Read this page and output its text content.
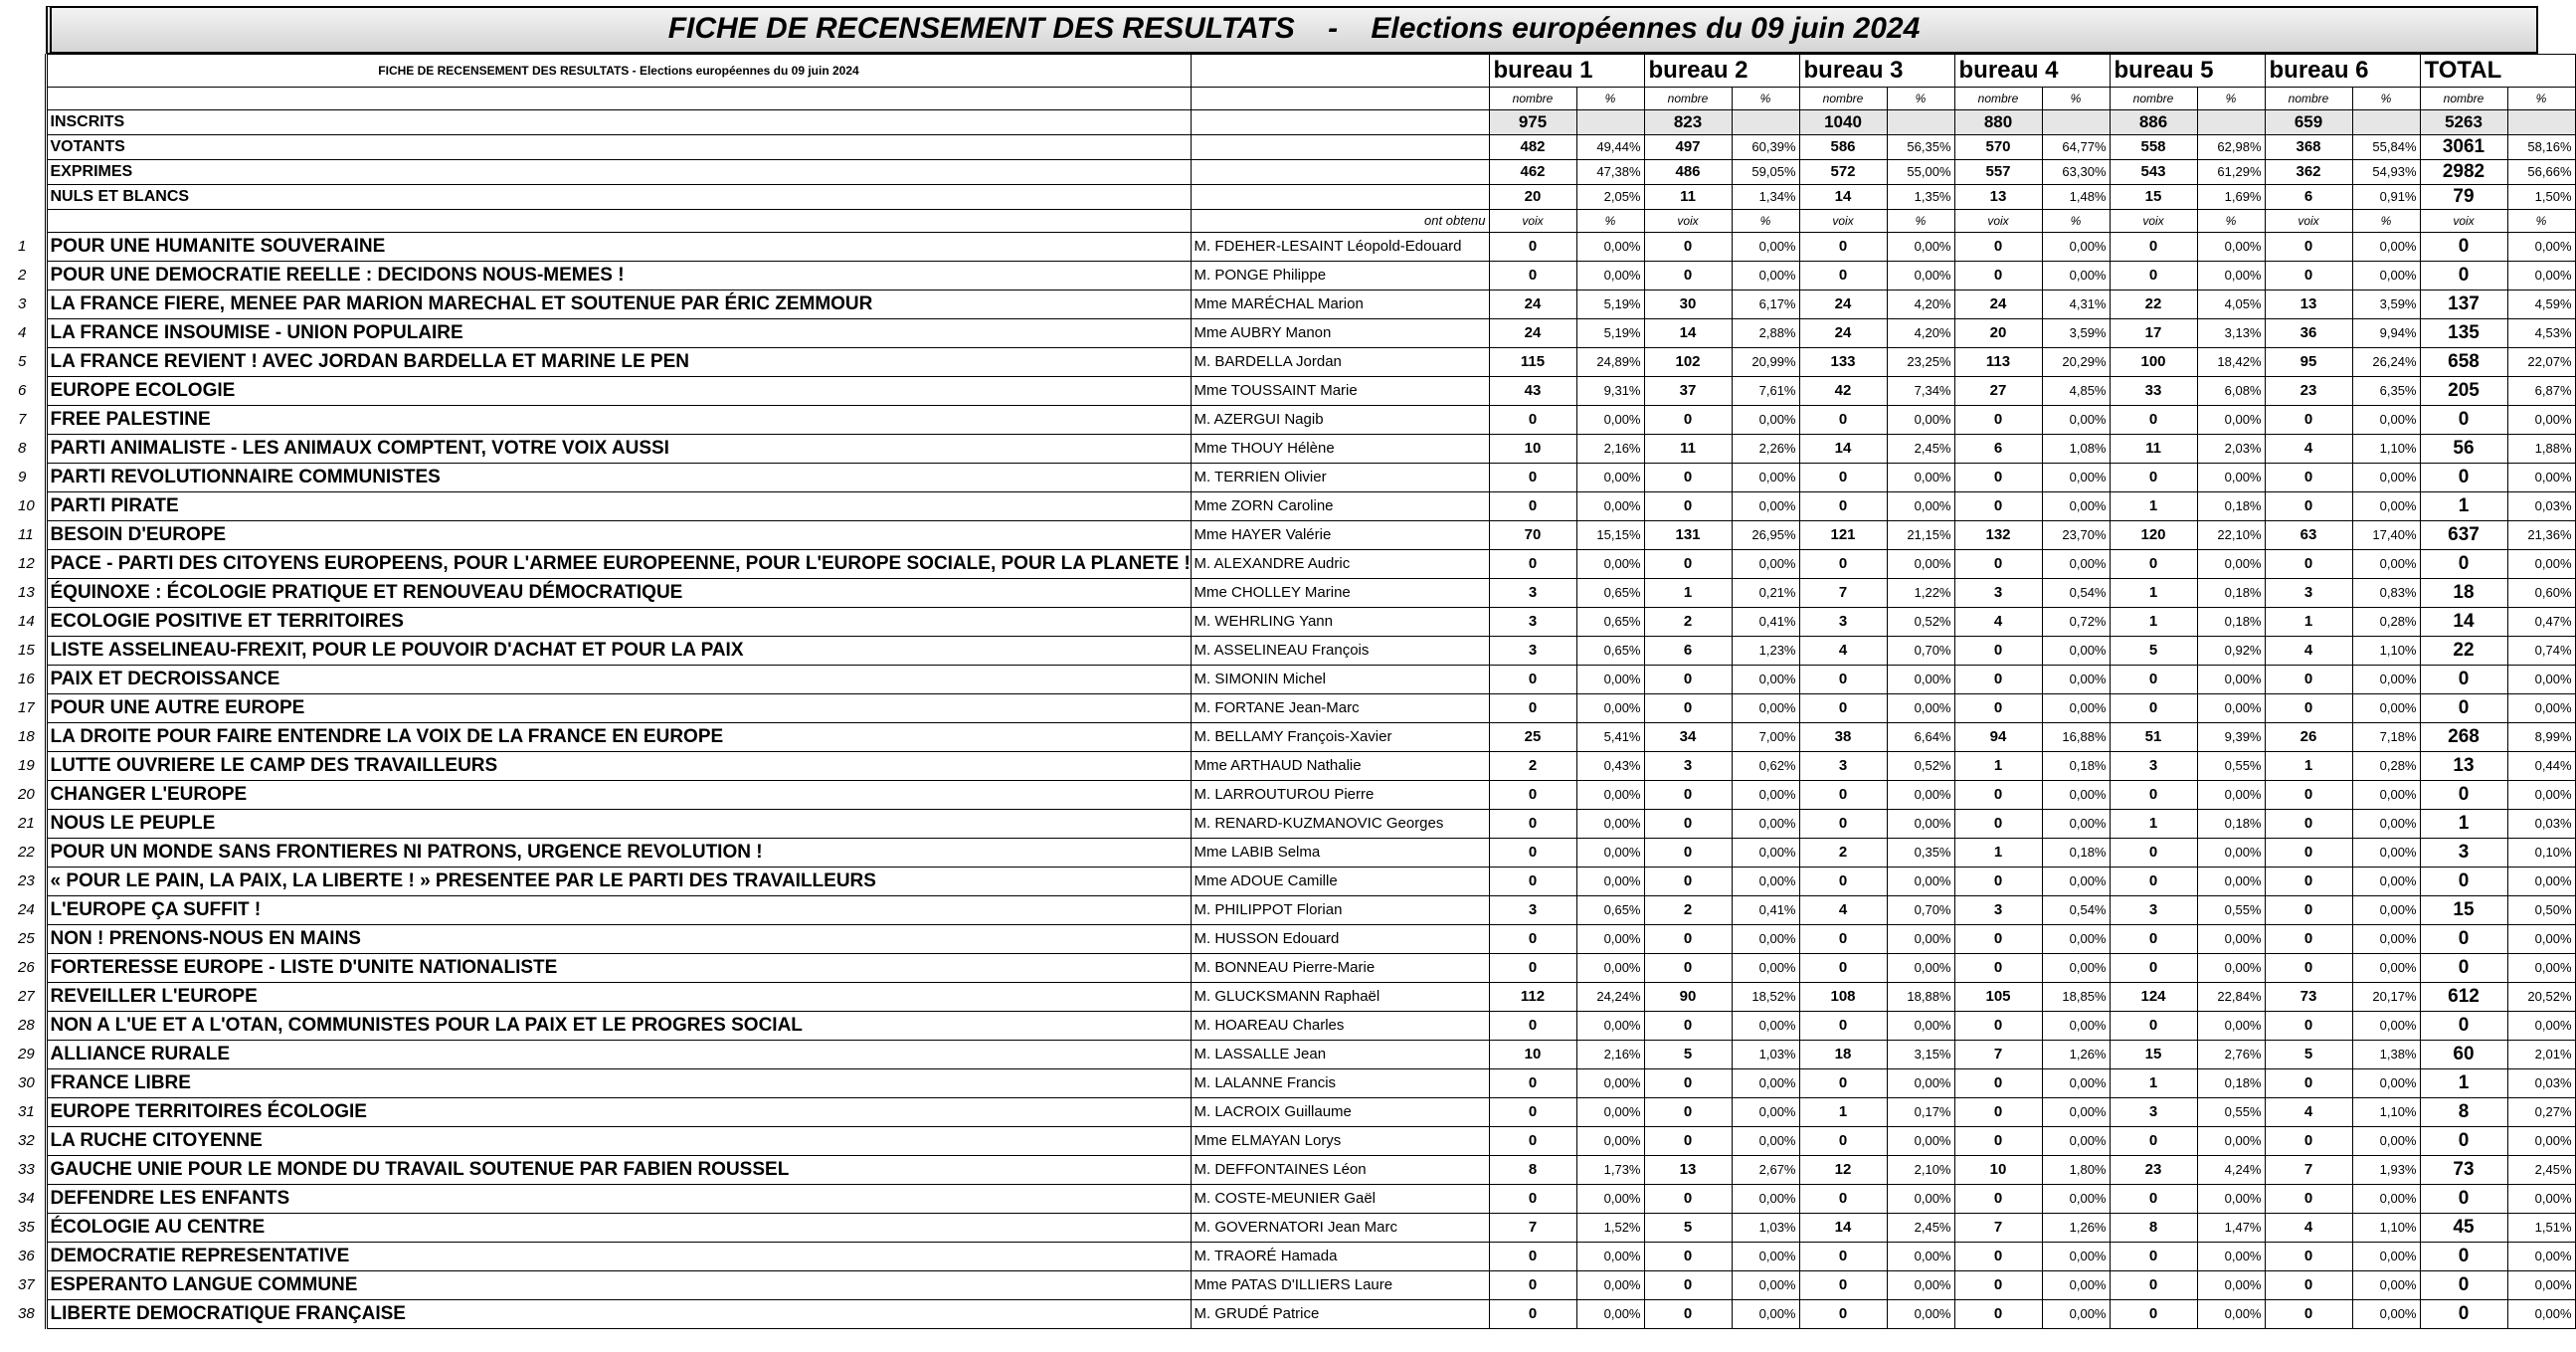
FICHE DE RECENSEMENT DES RESULTATS    -    Elections européennes du 09 juin 2024
	FICHE DE RECENSEMENT DES RESULTATS - Elections européennes du 09 juin 2024		bureau 1		bureau 2		bureau 3		bureau 4		bureau 5		bureau 6		TOTAL	
			nombre	%	nombre	%	nombre	%	nombre	%	nombre	%	nombre	%	nombre	%
	INSCRITS		975		823		1040		880		886		659		5263	
	VOTANTS		482	49,44%	497	60,39%	586	56,35%	570	64,77%	558	62,98%	368	55,84%	3061	58,16%
	EXPRIMES		462	47,38%	486	59,05%	572	55,00%	557	63,30%	543	61,29%	362	54,93%	2982	56,66%
	NULS ET BLANCS		20	2,05%	11	1,34%	14	1,35%	13	1,48%	15	1,69%	6	0,91%	79	1,50%
		ont obtenu	voix	%	voix	%	voix	%	voix	%	voix	%	voix	%	voix	%
1	POUR UNE HUMANITE SOUVERAINE	M. FDEHER-LESAINT Léopold-Edouard	0	0,00%	0	0,00%	0	0,00%	0	0,00%	0	0,00%	0	0,00%	0	0,00%
2	POUR UNE DEMOCRATIE REELLE : DECIDONS NOUS-MEMES !	M. PONGE Philippe	0	0,00%	0	0,00%	0	0,00%	0	0,00%	0	0,00%	0	0,00%	0	0,00%
3	LA FRANCE FIERE, MENEE PAR MARION MARECHAL ET SOUTENUE PAR ÉRIC ZEMMOUR	Mme MARÉCHAL Marion	24	5,19%	30	6,17%	24	4,20%	24	4,31%	22	4,05%	13	3,59%	137	4,59%
4	LA FRANCE INSOUMISE - UNION POPULAIRE	Mme AUBRY Manon	24	5,19%	14	2,88%	24	4,20%	20	3,59%	17	3,13%	36	9,94%	135	4,53%
5	LA FRANCE REVIENT ! AVEC JORDAN BARDELLA ET MARINE LE PEN	M. BARDELLA Jordan	115	24,89%	102	20,99%	133	23,25%	113	20,29%	100	18,42%	95	26,24%	658	22,07%
6	EUROPE ECOLOGIE	Mme TOUSSAINT Marie	43	9,31%	37	7,61%	42	7,34%	27	4,85%	33	6,08%	23	6,35%	205	6,87%
7	FREE PALESTINE	M. AZERGUI Nagib	0	0,00%	0	0,00%	0	0,00%	0	0,00%	0	0,00%	0	0,00%	0	0,00%
8	PARTI ANIMALISTE - LES ANIMAUX COMPTENT, VOTRE VOIX AUSSI	Mme THOUY Hélène	10	2,16%	11	2,26%	14	2,45%	6	1,08%	11	2,03%	4	1,10%	56	1,88%
9	PARTI REVOLUTIONNAIRE COMMUNISTES	M. TERRIEN Olivier	0	0,00%	0	0,00%	0	0,00%	0	0,00%	0	0,00%	0	0,00%	0	0,00%
10	PARTI PIRATE	Mme ZORN Caroline	0	0,00%	0	0,00%	0	0,00%	0	0,00%	1	0,18%	0	0,00%	1	0,03%
11	BESOIN D'EUROPE	Mme HAYER Valérie	70	15,15%	131	26,95%	121	21,15%	132	23,70%	120	22,10%	63	17,40%	637	21,36%
12	PACE - PARTI DES CITOYENS EUROPEENS, POUR L'ARMEE EUROPEENNE, POUR L'EUROPE SOCIALE, POUR LA PLANETE !	M. ALEXANDRE Audric	0	0,00%	0	0,00%	0	0,00%	0	0,00%	0	0,00%	0	0,00%	0	0,00%
13	ÉQUINOXE : ÉCOLOGIE PRATIQUE ET RENOUVEAU DÉMOCRATIQUE	Mme CHOLLEY Marine	3	0,65%	1	0,21%	7	1,22%	3	0,54%	1	0,18%	3	0,83%	18	0,60%
14	ECOLOGIE POSITIVE ET TERRITOIRES	M. WEHRLING Yann	3	0,65%	2	0,41%	3	0,52%	4	0,72%	1	0,18%	1	0,28%	14	0,47%
15	LISTE ASSELINEAU-FREXIT, POUR LE POUVOIR D'ACHAT ET POUR LA PAIX	M. ASSELINEAU François	3	0,65%	6	1,23%	4	0,70%	0	0,00%	5	0,92%	4	1,10%	22	0,74%
16	PAIX ET DECROISSANCE	M. SIMONIN Michel	0	0,00%	0	0,00%	0	0,00%	0	0,00%	0	0,00%	0	0,00%	0	0,00%
17	POUR UNE AUTRE EUROPE	M. FORTANE Jean-Marc	0	0,00%	0	0,00%	0	0,00%	0	0,00%	0	0,00%	0	0,00%	0	0,00%
18	LA DROITE POUR FAIRE ENTENDRE LA VOIX DE LA FRANCE EN EUROPE	M. BELLAMY François-Xavier	25	5,41%	34	7,00%	38	6,64%	94	16,88%	51	9,39%	26	7,18%	268	8,99%
19	LUTTE OUVRIERE LE CAMP DES TRAVAILLEURS	Mme ARTHAUD Nathalie	2	0,43%	3	0,62%	3	0,52%	1	0,18%	3	0,55%	1	0,28%	13	0,44%
20	CHANGER L'EUROPE	M. LARROUTUROU Pierre	0	0,00%	0	0,00%	0	0,00%	0	0,00%	0	0,00%	0	0,00%	0	0,00%
21	NOUS LE PEUPLE	M. RENARD-KUZMANOVIC Georges	0	0,00%	0	0,00%	0	0,00%	0	0,00%	1	0,18%	0	0,00%	1	0,03%
22	POUR UN MONDE SANS FRONTIERES NI PATRONS, URGENCE REVOLUTION !	Mme LABIB Selma	0	0,00%	0	0,00%	2	0,35%	1	0,18%	0	0,00%	0	0,00%	3	0,10%
23	« POUR LE PAIN, LA PAIX, LA LIBERTE ! » PRESENTEE PAR LE PARTI DES TRAVAILLEURS	Mme ADOUE Camille	0	0,00%	0	0,00%	0	0,00%	0	0,00%	0	0,00%	0	0,00%	0	0,00%
24	L'EUROPE ÇA SUFFIT !	M. PHILIPPOT Florian	3	0,65%	2	0,41%	4	0,70%	3	0,54%	3	0,55%	0	0,00%	15	0,50%
25	NON ! PRENONS-NOUS EN MAINS	M. HUSSON Edouard	0	0,00%	0	0,00%	0	0,00%	0	0,00%	0	0,00%	0	0,00%	0	0,00%
26	FORTERESSE EUROPE - LISTE D'UNITE NATIONALISTE	M. BONNEAU Pierre-Marie	0	0,00%	0	0,00%	0	0,00%	0	0,00%	0	0,00%	0	0,00%	0	0,00%
27	REVEILLER L'EUROPE	M. GLUCKSMANN Raphaël	112	24,24%	90	18,52%	108	18,88%	105	18,85%	124	22,84%	73	20,17%	612	20,52%
28	NON A L'UE ET A L'OTAN, COMMUNISTES POUR LA PAIX ET LE PROGRES SOCIAL	M. HOAREAU Charles	0	0,00%	0	0,00%	0	0,00%	0	0,00%	0	0,00%	0	0,00%	0	0,00%
29	ALLIANCE RURALE	M. LASSALLE Jean	10	2,16%	5	1,03%	18	3,15%	7	1,26%	15	2,76%	5	1,38%	60	2,01%
30	FRANCE LIBRE	M. LALANNE Francis	0	0,00%	0	0,00%	0	0,00%	0	0,00%	1	0,18%	0	0,00%	1	0,03%
31	EUROPE TERRITOIRES ÉCOLOGIE	M. LACROIX Guillaume	0	0,00%	0	0,00%	1	0,17%	0	0,00%	3	0,55%	4	1,10%	8	0,27%
32	LA RUCHE CITOYENNE	Mme ELMAYAN Lorys	0	0,00%	0	0,00%	0	0,00%	0	0,00%	0	0,00%	0	0,00%	0	0,00%
33	GAUCHE UNIE POUR LE MONDE DU TRAVAIL SOUTENUE PAR FABIEN ROUSSEL	M. DEFFONTAINES Léon	8	1,73%	13	2,67%	12	2,10%	10	1,80%	23	4,24%	7	1,93%	73	2,45%
34	DEFENDRE LES ENFANTS	M. COSTE-MEUNIER Gaël	0	0,00%	0	0,00%	0	0,00%	0	0,00%	0	0,00%	0	0,00%	0	0,00%
35	ÉCOLOGIE AU CENTRE	M. GOVERNATORI Jean Marc	7	1,52%	5	1,03%	14	2,45%	7	1,26%	8	1,47%	4	1,10%	45	1,51%
36	DEMOCRATIE REPRESENTATIVE	M. TRAORÉ Hamada	0	0,00%	0	0,00%	0	0,00%	0	0,00%	0	0,00%	0	0,00%	0	0,00%
37	ESPERANTO LANGUE COMMUNE	Mme PATAS D'ILLIERS Laure	0	0,00%	0	0,00%	0	0,00%	0	0,00%	0	0,00%	0	0,00%	0	0,00%
38	LIBERTE DEMOCRATIQUE FRANÇAISE	M. GRUDÉ Patrice	0	0,00%	0	0,00%	0	0,00%	0	0,00%	0	0,00%	0	0,00%	0	0,00%
